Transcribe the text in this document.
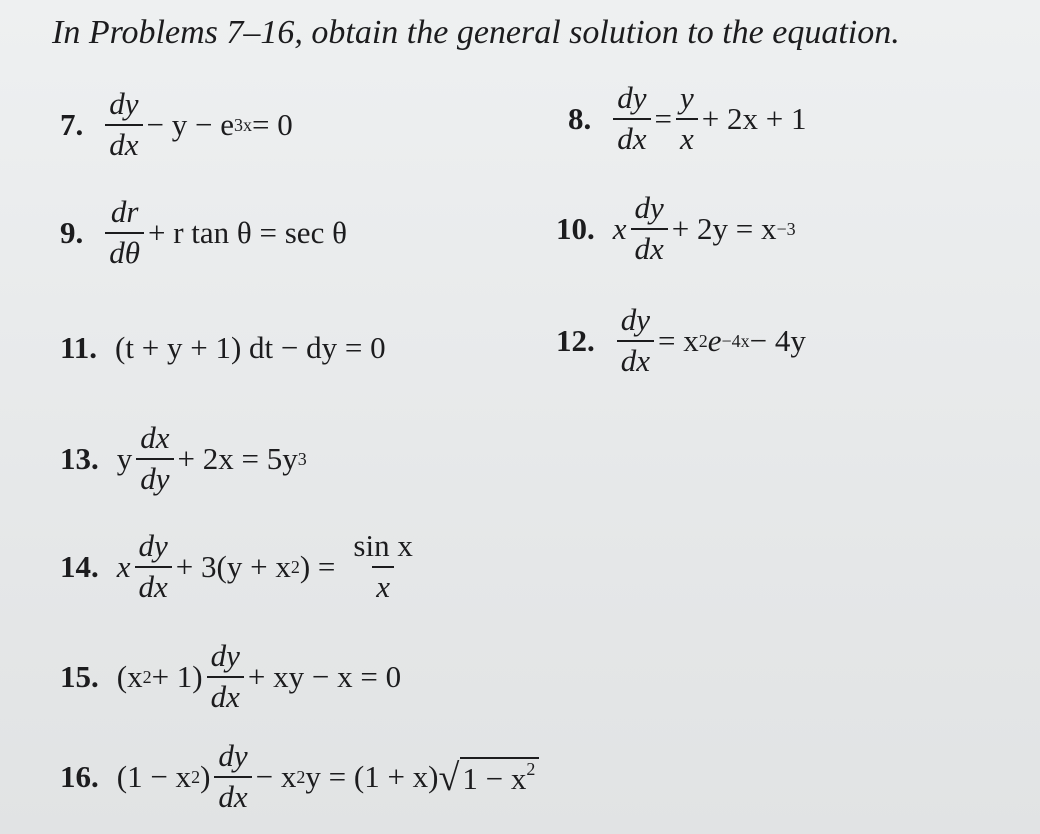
In Problems 7–16, obtain the general solution to the equation.
7. $\frac{dy}{dx} - y - e$ 3x = 0	8. $\frac{dy}{dx} = \frac{y}{x} + 2x + 1$
9. $\frac{dr}{d\theta} + r$ tan θ = sec θ	10. x $\frac{dy}{dx} + 2y = x -3$
11. (t + y + 1) dt − dy = 0	12. $\frac{dy}{dx} = x$ 2 e −4x − 4y
13. y $\frac{dx}{dy} + 2x = 5y$ 3
14. x $\frac{dy}{dx} + 3(y + x$ 2 ) = $\frac{\text{sin x}}{x}$
15. (x $2 + 1) \frac{dy}{dx}$ + xy − x = 0
16. (1 − x 2 ) $\frac{dy}{dx} - x$ 2 y = (1 + x) √ $1 - x^2$
